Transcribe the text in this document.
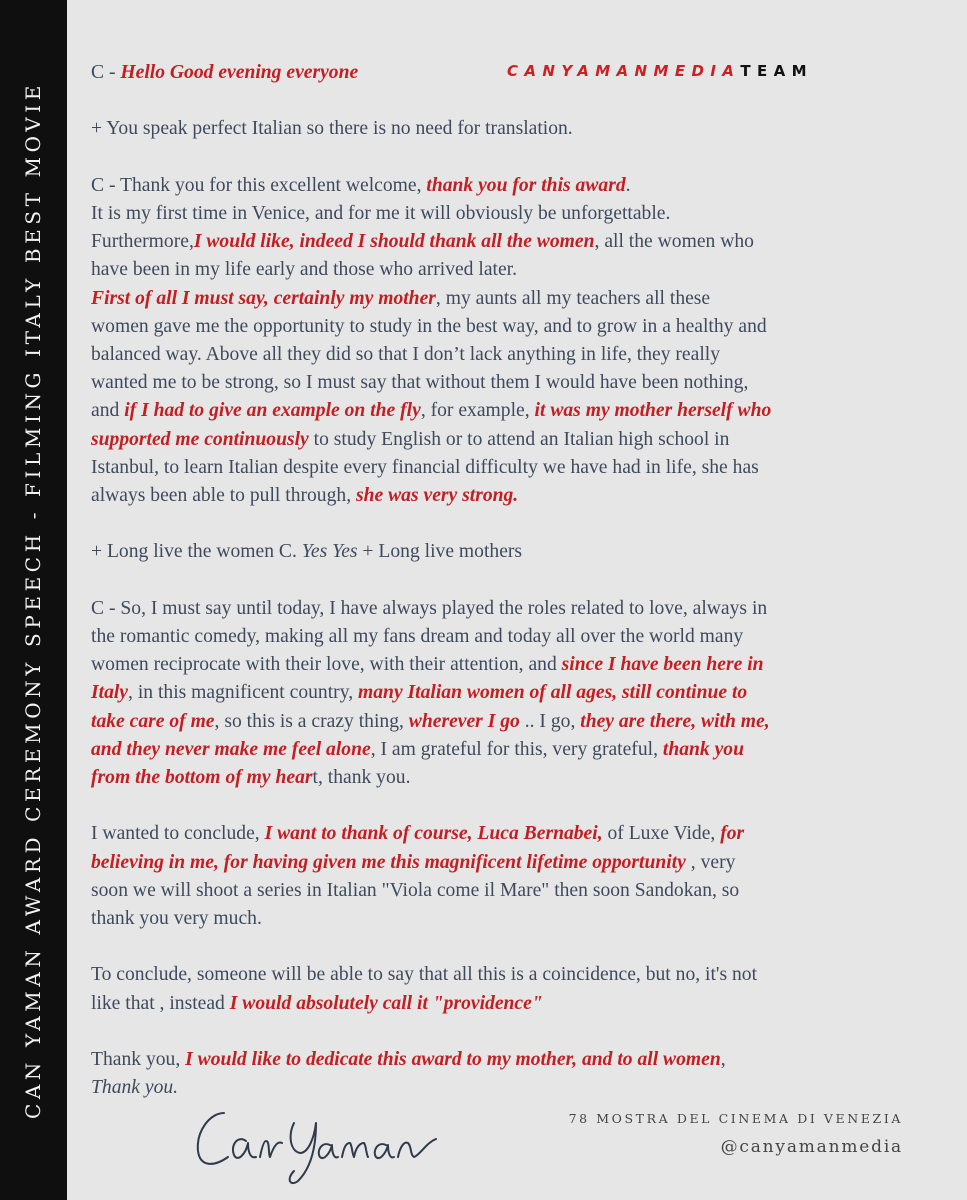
CAN YAMAN AWARD CEREMONY SPEECH - FILMING ITALY BEST MOVIE
CANYAMANMEDIATEAM

C - Hello Good evening everyone

+ You speak perfect Italian so there is no need for translation.

C - Thank you for this excellent welcome, thank you for this award.

It is my first time in Venice, and for me it will obviously be unforgettable.

Furthermore,I would like, indeed I should thank all the women, all the women who

have been in my life early and those who arrived later.

First of all I must say, certainly my mother, my aunts all my teachers all these

women gave me the opportunity to study in the best way, and to grow in a healthy and

balanced way. Above all they did so that I don’t lack anything in life, they really

wanted me to be strong, so I must say that without them I would have been nothing,

and if I had to give an example on the fly, for example, it was my mother herself who

supported me continuously to study English or to attend an Italian high school in

Istanbul, to learn Italian despite every financial difficulty we have had in life, she has

always been able to pull through, she was very strong.

+ Long live the women C. Yes Yes + Long live mothers

C - So, I must say until today, I have always played the roles related to love, always in

the romantic comedy, making all my fans dream and today all over the world many

women reciprocate with their love, with their attention, and since I have been here in

Italy, in this magnificent country, many Italian women of all ages, still continue to

take care of me, so this is a crazy thing, wherever I go .. I go, they are there, with me,

and they never make me feel alone, I am grateful for this, very grateful, thank you

from the bottom of my heart, thank you.

I wanted to conclude, I want to thank of course, Luca Bernabei, of Luxe Vide, for

believing in me, for having given me this magnificent lifetime opportunity , very

soon we will shoot a series in Italian "Viola come il Mare" then soon Sandokan, so

thank you very much.

To conclude, someone will be able to say that all this is a coincidence, but no, it's not

like that , instead I would absolutely call it "providence"

Thank you, I would like to dedicate this award to my mother, and to all women,

Thank you.

78 MOSTRA DEL CINEMA DI VENEZIA
@canyamanmedia
